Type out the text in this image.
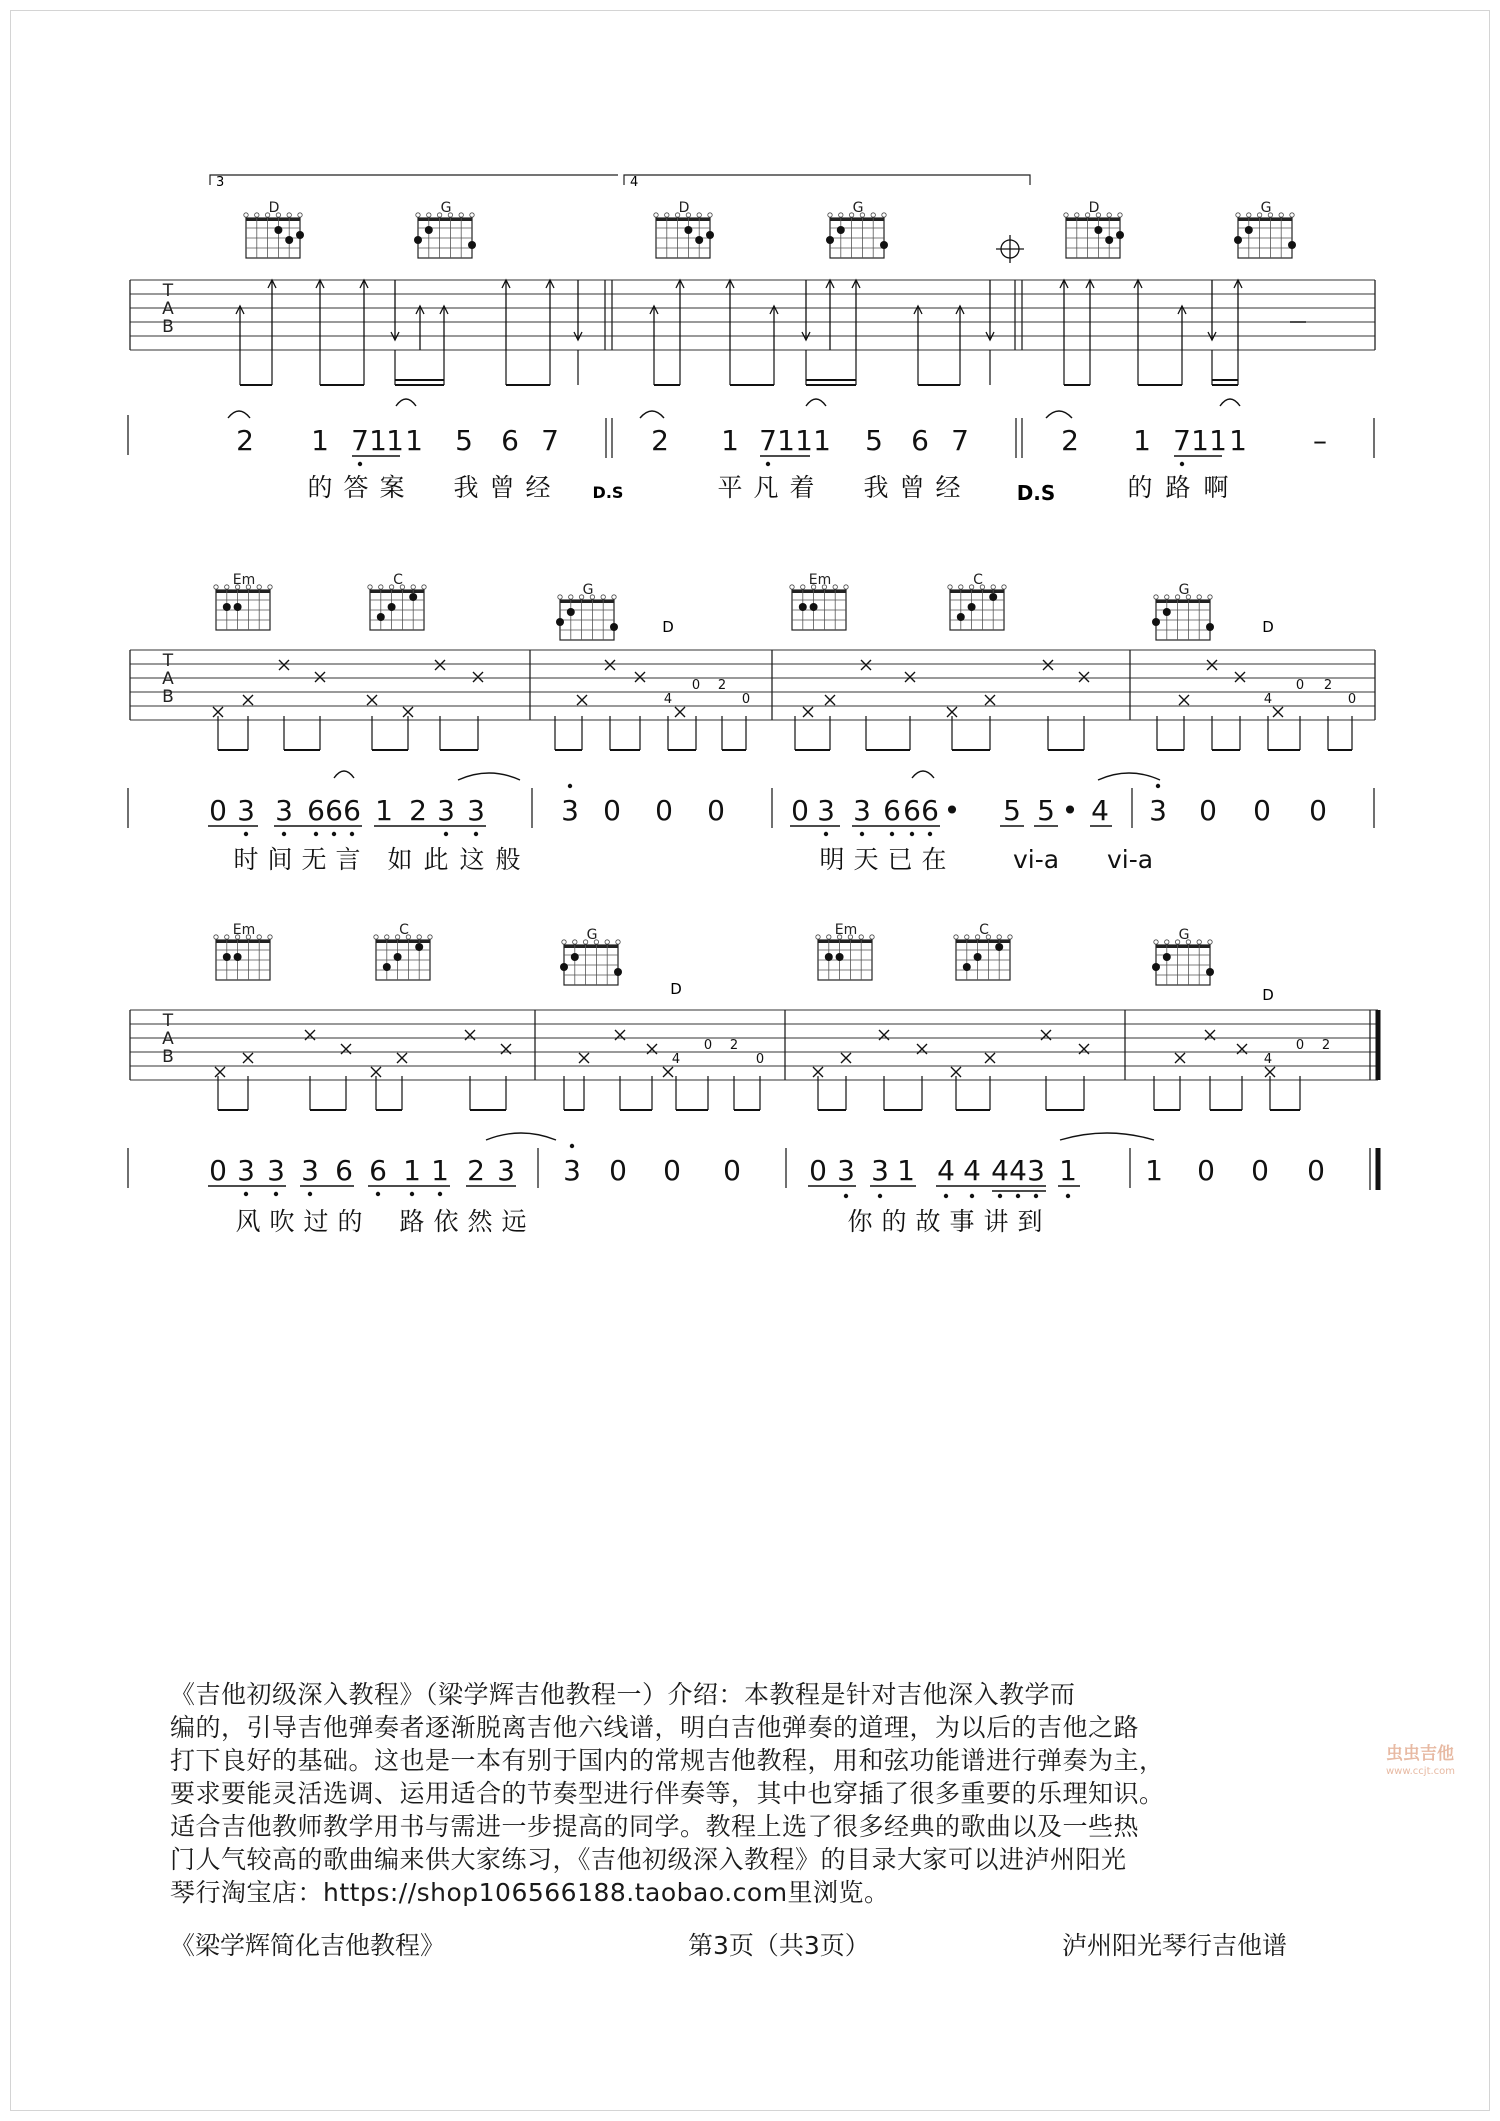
3	4
D	G	D	G	D	G
T
A
B
2 1 7 1 1 1 5 6 7	2 1 7 1 1 1 5 6 7	2 1 7 1 1 1 –
的 答 案 我 曾 经	平 凡 着 我 曾 经	的 路 啊
D.S	D.S
Em	C
G
Em	C
G
D	D
T
A
B	4
0 2
0	4
0 2
0
0 3 3 6 6 6 1 2 3 3	3 0 0 0 0 3 3 6 6 6 • 5 5 • 4 3 0 0 0
时 间 无 言 如 此 这 般	明 天 已 在	vi-a vi-a
Em	C	G	Em	C	G
D	D
T
A
B	4
0 2
0	4
0 2
0 3 3 3 6 6 1 1 2 3 3 0 0 0 0 3 3 1 4 4 4 4 3 1 1 0 0 0
风 吹 过 的 路 依 然 远	你 的 故 事 讲 到

《吉他初级深入教程》（梁学辉吉他教程一）介绍：本教程是针对吉他深入教学而

编的，引导吉他弹奏者逐渐脱离吉他六线谱，明白吉他弹奏的道理，为以后的吉他之路

打下良好的基础。这也是一本有别于国内的常规吉他教程，用和弦功能谱进行弹奏为主，

要求要能灵活选调、运用适合的节奏型进行伴奏等，其中也穿插了很多重要的乐理知识。

适合吉他教师教学用书与需进一步提高的同学。教程上选了很多经典的歌曲以及一些热

门人气较高的歌曲编来供大家练习，《吉他初级深入教程》的目录大家可以进泸州阳光

琴行淘宝店：https://shop106566188.taobao.com里浏览。

《梁学辉简化吉他教程》	第3页（共3页）	泸州阳光琴行吉他谱
虫虫吉他
www.ccjt.com
